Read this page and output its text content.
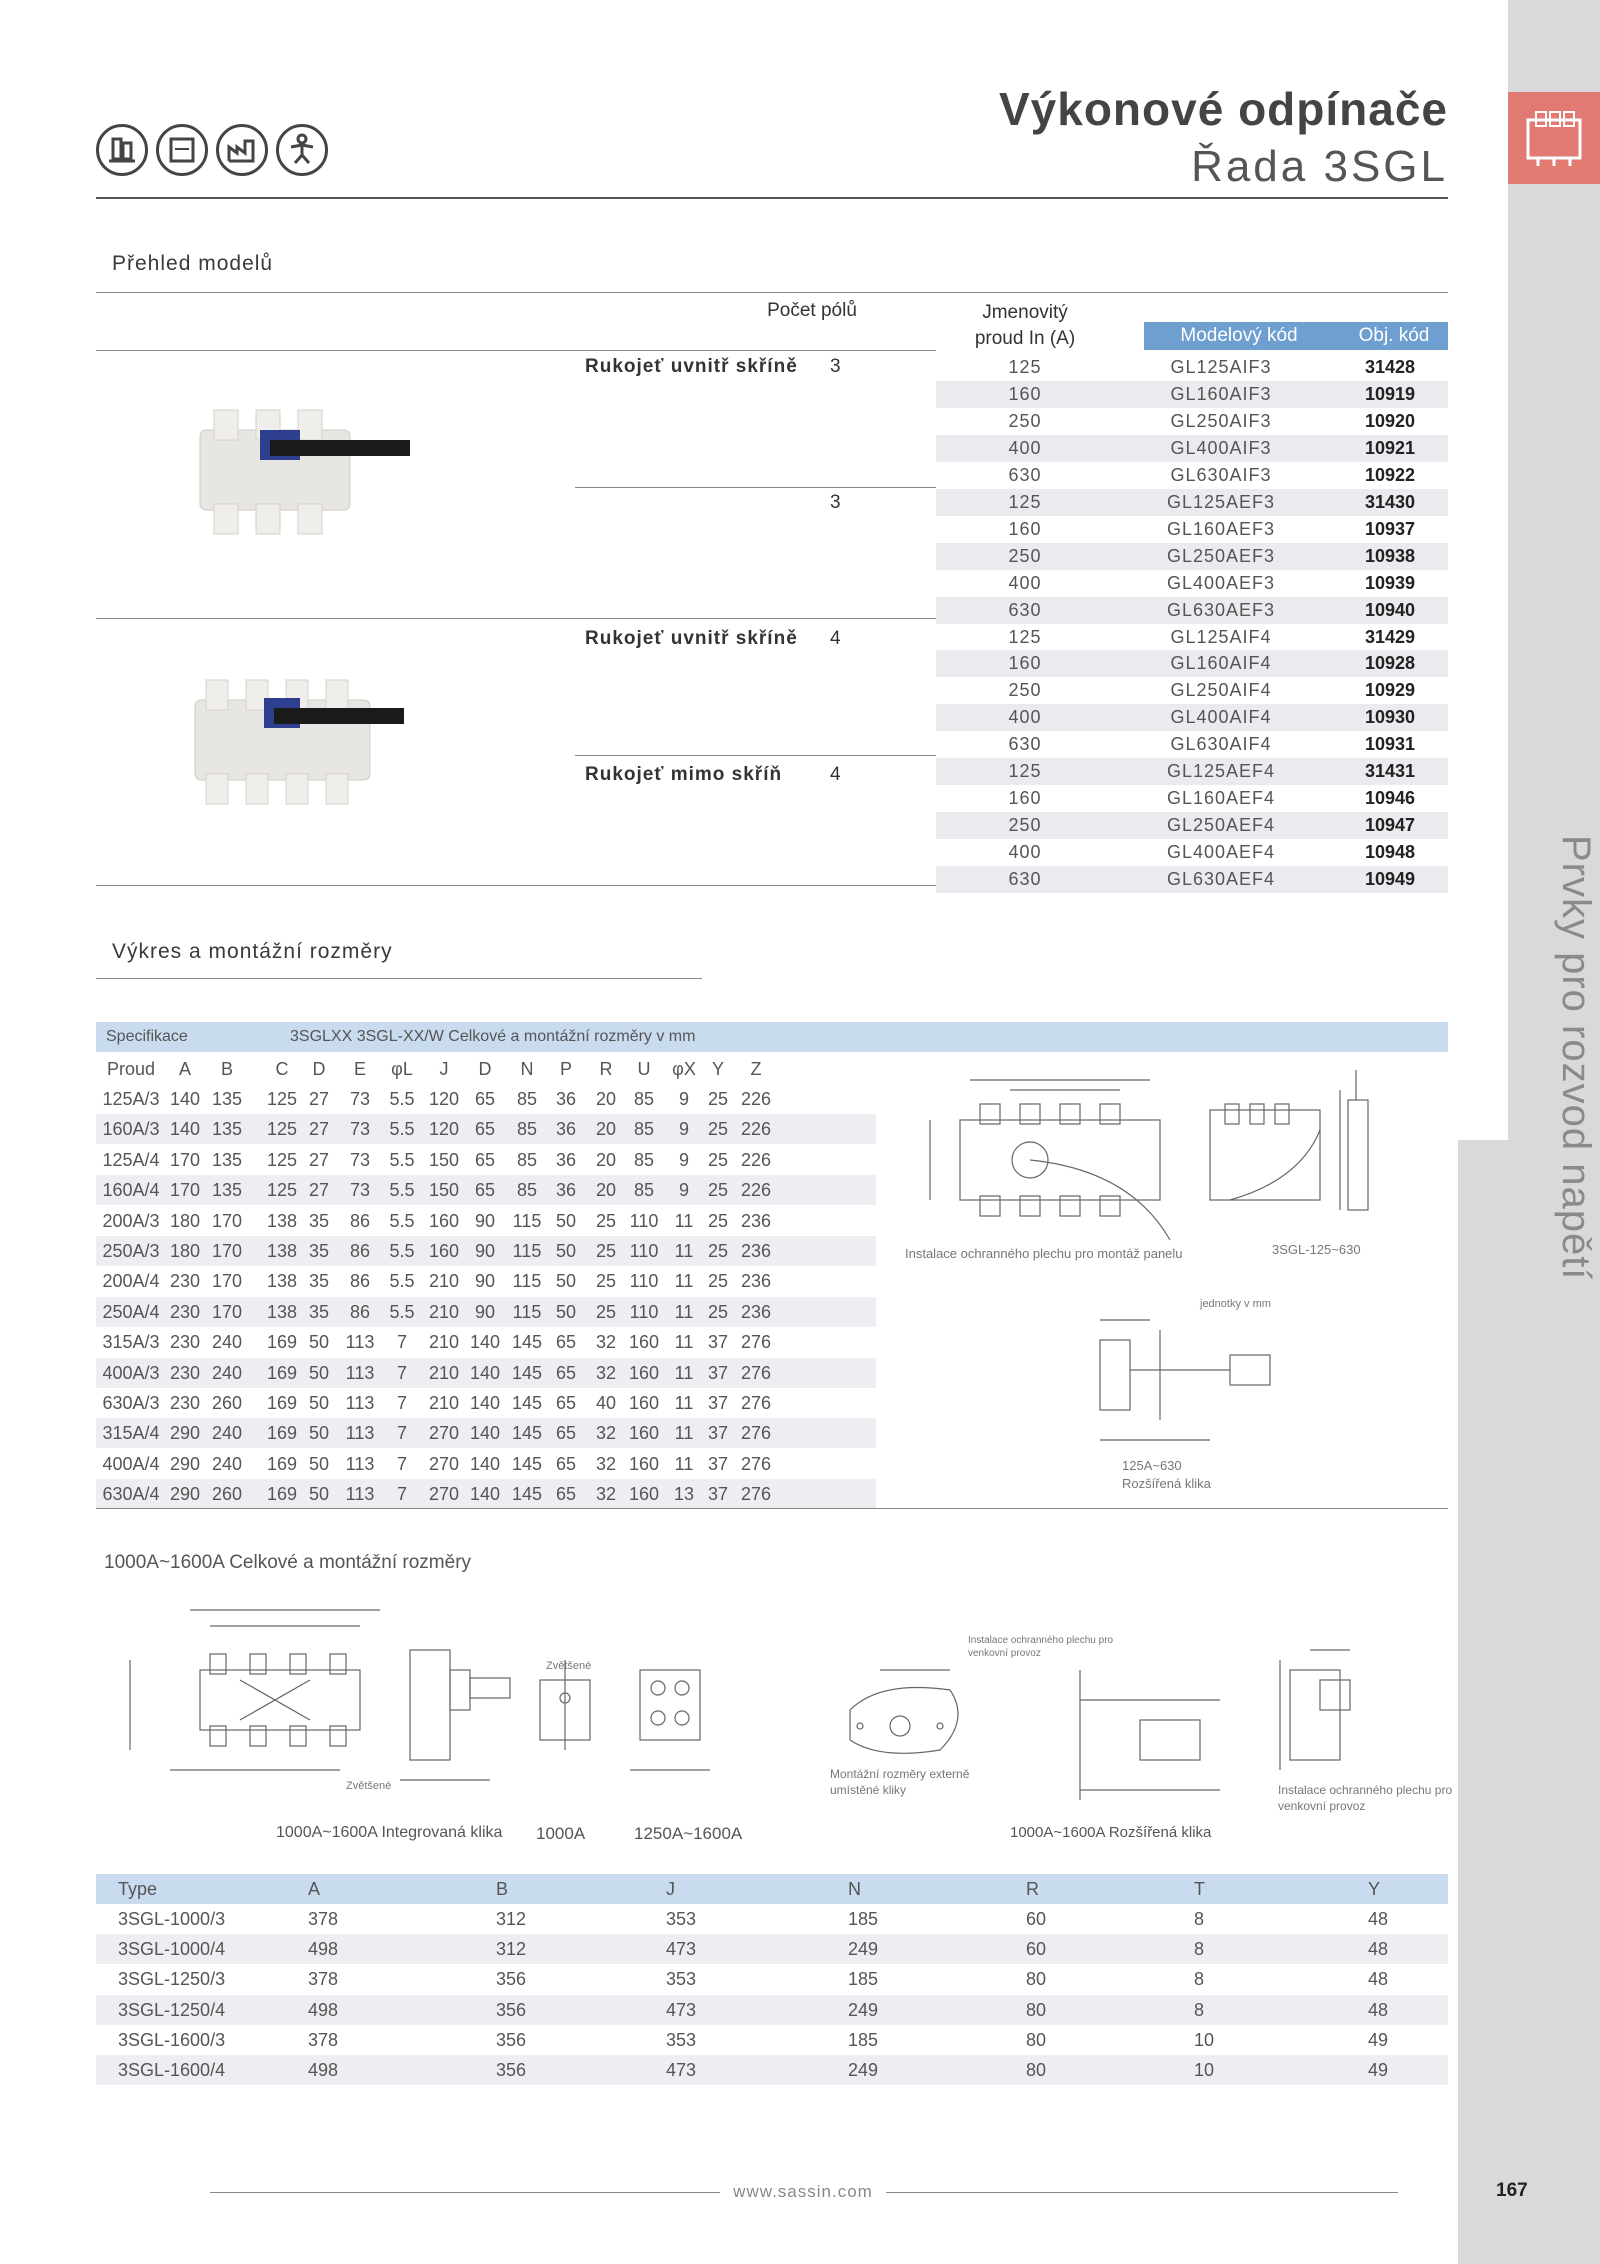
Prvky pro rozvod napětí
Výkonové odpínače
Řada 3SGL
Přehled modelů
Počet pólů	Jmenovitý
proud In (A)	Modelový kód	Obj. kód
Rukojeť uvnitř skříně 3
3
Rukojeť uvnitř skříně 4
Rukojeť mimo skříň	4
125	GL125AIF3	31428
160	GL160AIF3	10919
250	GL250AIF3	10920
400	GL400AIF3	10921
630	GL630AIF3	10922
125	GL125AEF3	31430
160	GL160AEF3	10937
250	GL250AEF3	10938
400	GL400AEF3	10939
630	GL630AEF3	10940
125	GL125AIF4	31429
160	GL160AIF4	10928
250	GL250AIF4	10929
400	GL400AIF4	10930
630	GL630AIF4	10931
125	GL125AEF4	31431
160	GL160AEF4	10946
250	GL250AEF4	10947
400	GL400AEF4	10948
630	GL630AEF4	10949
Výkres a montážní rozměry
Specifikace	3SGLXX 3SGL-XX/W Celkové a montážní rozměry v mm
Proud	A	B	C	D	E	φL	J	D	N	P	R	U	φX Y	Z
125A/3 140 135 125 27	73	5.5 120 65	85	36	20 85	9	25 226
160A/3 140 135 125 27	73	5.5 120 65	85	36	20 85	9	25 226
125A/4 170 135 125 27	73	5.5 150 65	85	36	20 85	9	25 226
160A/4 170 135 125 27	73	5.5 150 65	85	36	20 85	9	25 226
200A/3 180 170 138 35	86	5.5 160 90 115 50	25 110 11 25 236
250A/3 180 170 138 35	86	5.5 160 90 115 50	25 110 11 25 236
200A/4 230 170 138 35	86	5.5 210 90 115 50	25 110 11 25 236
250A/4 230 170 138 35	86	5.5 210 90 115 50	25 110 11 25 236
315A/3 230 240 169 50 113	7	210 140 145 65	32 160 11 37 276
400A/3 230 240 169 50 113	7	210 140 145 65	32 160 11 37 276
630A/3 230 260 169 50 113	7	210 140 145 65	40 160 11 37 276
315A/4 290 240 169 50 113	7	270 140 145 65	32 160 11 37 276
400A/4 290 240 169 50 113	7	270 140 145 65	32 160 11 37 276
630A/4 290 260 169 50 113	7	270 140 145 65	32 160 13 37 276
Instalace ochranného plechu pro montáž panelu	3SGL-125~630
jednotky v mm
125A~630
Rozšířená klika
1000A~1600A Celkové a montážní rozměry
Zvětšené
Zvětšené
1000A~1600A Integrovaná klika 1000A	1250A~1600A
Montážní rozměry externě umístěné kliky
Instalace ochranného plechu pro venkovní provoz
1000A~1600A Rozšířená klika
Instalace ochranného plechu pro venkovní provoz
Type	A	B	J	N	R	T	Y
3SGL-1000/3	378	312	353	185	60	8	48
3SGL-1000/4	498	312	473	249	60	8	48
3SGL-1250/3	378	356	353	185	80	8	48
3SGL-1250/4	498	356	473	249	80	8	48
3SGL-1600/3	378	356	353	185	80	10	49
3SGL-1600/4	498	356	473	249	80	10	49
www.sassin.com	167
